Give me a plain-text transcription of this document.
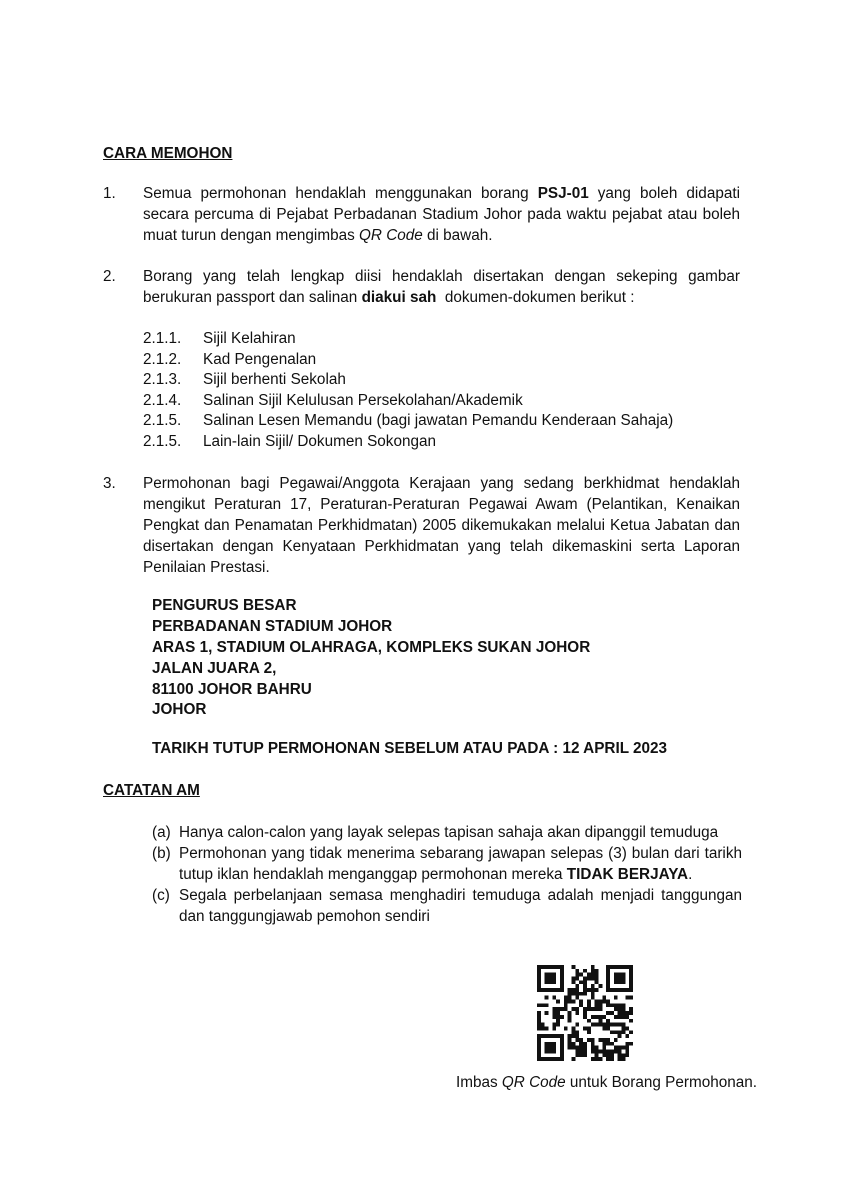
CARA MEMOHON
1. Semua permohonan hendaklah menggunakan borang PSJ-01 yang boleh didapati secara percuma di Pejabat Perbadanan Stadium Johor pada waktu pejabat atau boleh muat turun dengan mengimbas QR Code di bawah.
2. Borang yang telah lengkap diisi hendaklah disertakan dengan sekeping gambar berukuran passport dan salinan diakui sah  dokumen-dokumen berikut :
2.1.1. Sijil Kelahiran
2.1.2. Kad Pengenalan
2.1.3. Sijil berhenti Sekolah
2.1.4. Salinan Sijil Kelulusan Persekolahan/Akademik
2.1.5. Salinan Lesen Memandu (bagi jawatan Pemandu Kenderaan Sahaja)
2.1.5. Lain-lain Sijil/ Dokumen Sokongan
3. Permohonan bagi Pegawai/Anggota Kerajaan yang sedang berkhidmat hendaklah mengikut Peraturan 17, Peraturan-Peraturan Pegawai Awam (Pelantikan, Kenaikan Pengkat dan Penamatan Perkhidmatan) 2005 dikemukakan melalui Ketua Jabatan dan disertakan dengan Kenyataan Perkhidmatan yang telah dikemaskini serta Laporan Penilaian Prestasi.
PENGURUS BESAR
PERBADANAN STADIUM JOHOR
ARAS 1, STADIUM OLAHRAGA, KOMPLEKS SUKAN JOHOR
JALAN JUARA 2,
81100 JOHOR BAHRU
JOHOR
TARIKH TUTUP PERMOHONAN SEBELUM ATAU PADA : 12 APRIL 2023
CATATAN AM
(a) Hanya calon-calon yang layak selepas tapisan sahaja akan dipanggil temuduga
(b) Permohonan yang tidak menerima sebarang jawapan selepas (3) bulan dari tarikh tutup iklan hendaklah menganggap permohonan mereka TIDAK BERJAYA.
(c) Segala perbelanjaan semasa menghadiri temuduga adalah menjadi tanggungan dan tanggungjawab pemohon sendiri
Imbas QR Code untuk Borang Permohonan.
